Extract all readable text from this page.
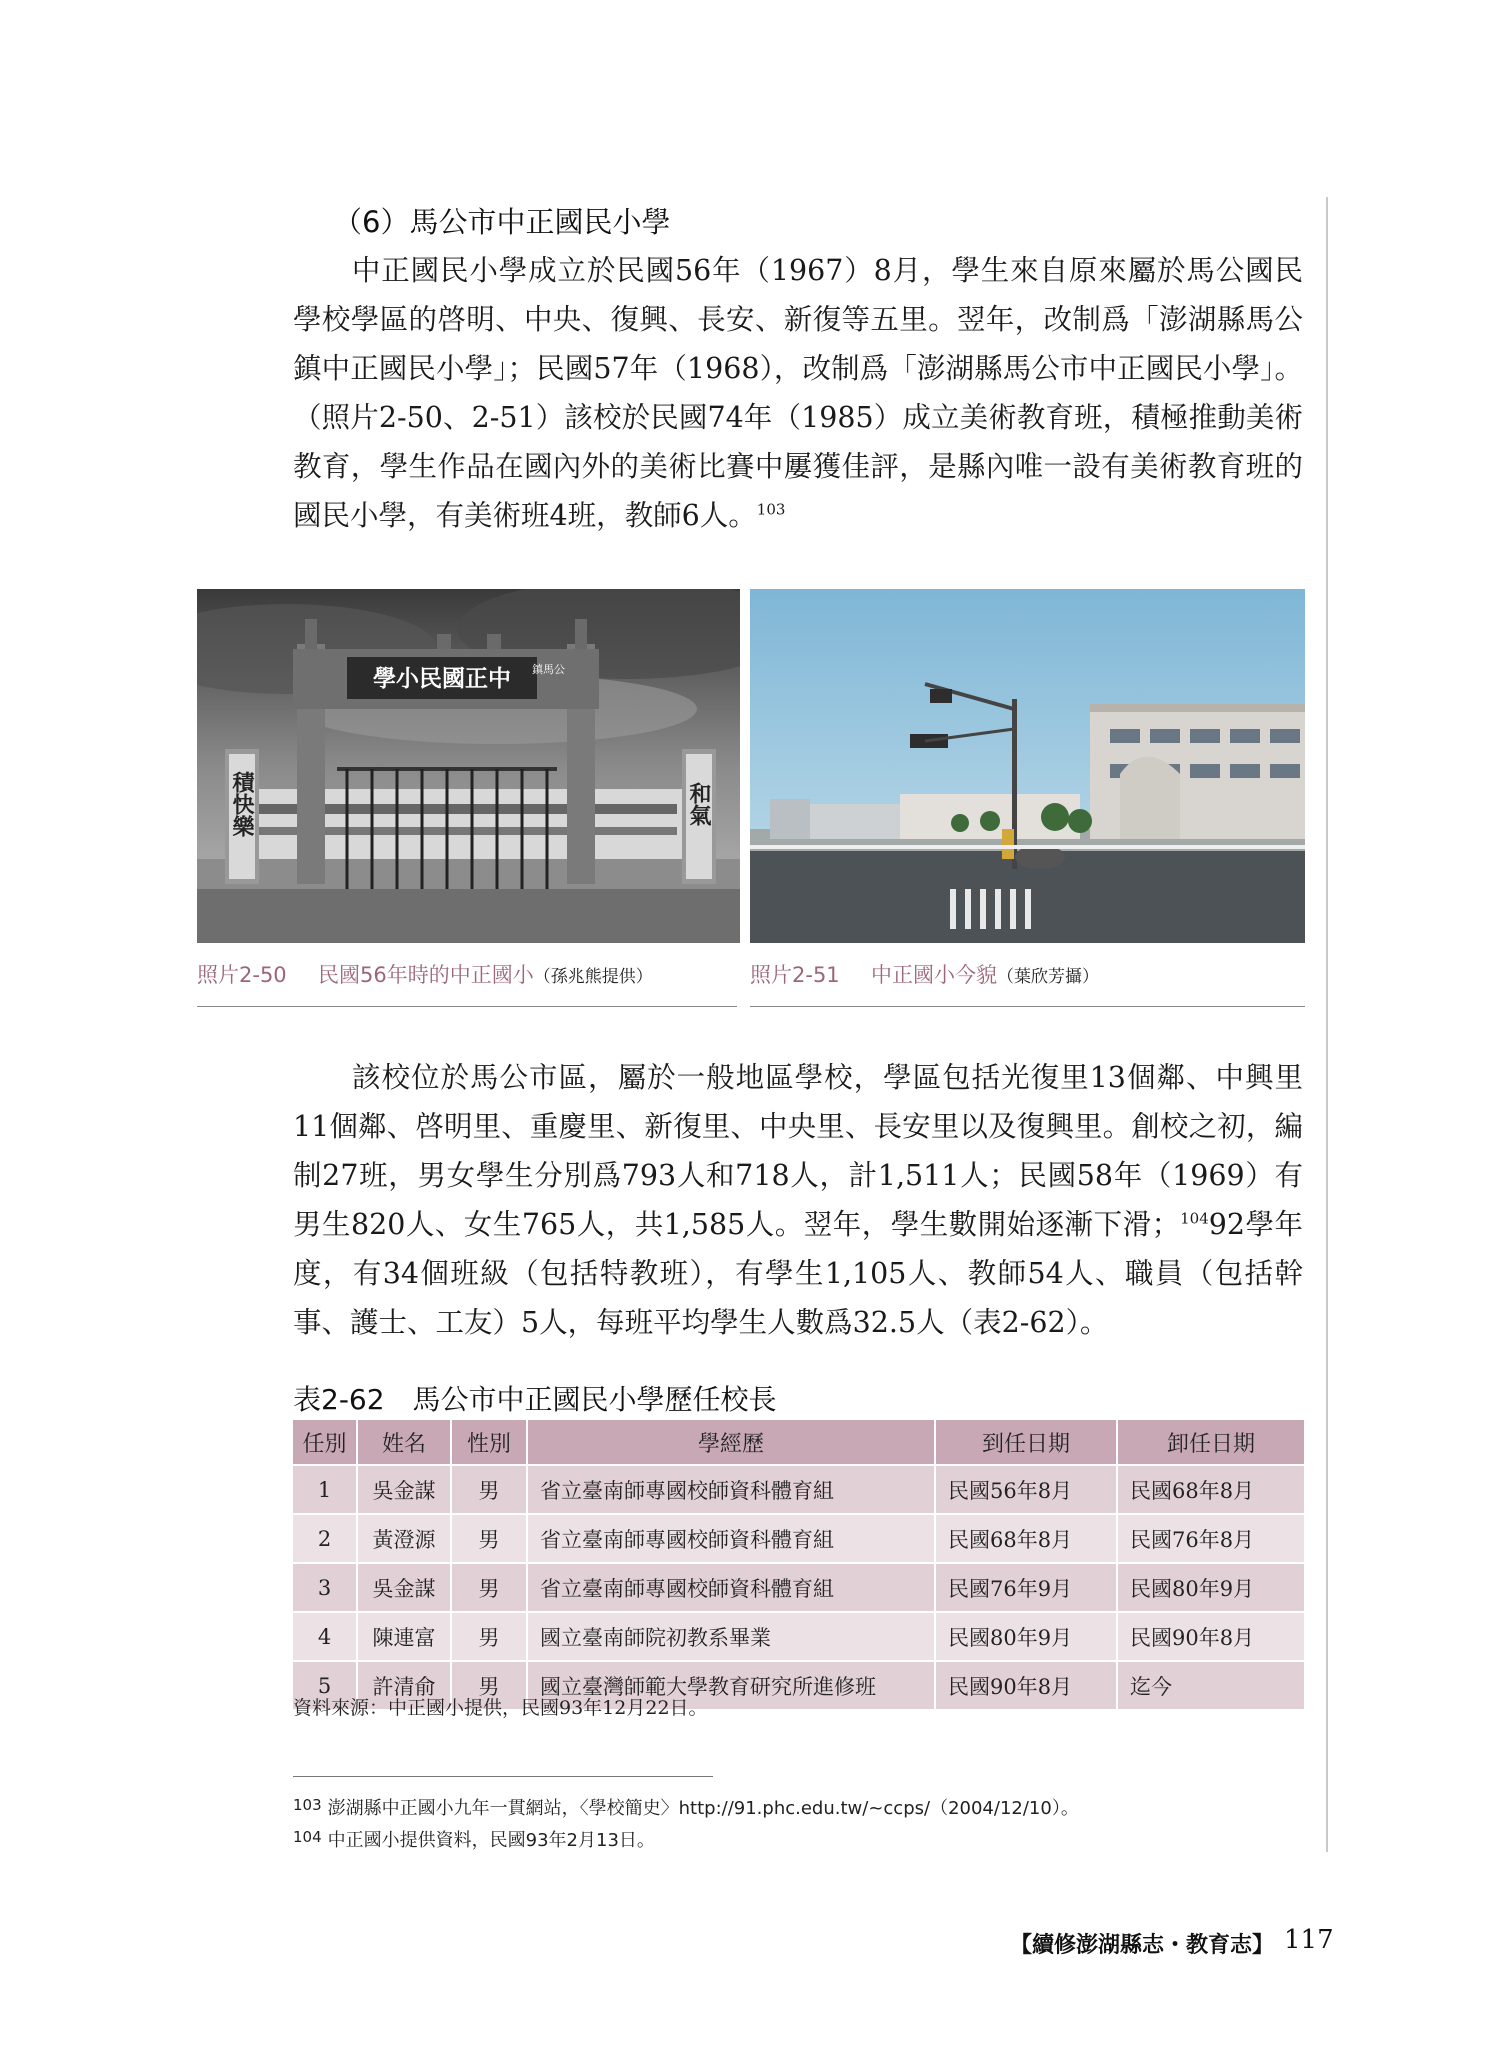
（6）馬公市中正國民小學
中正國民小學成立於民國56年（1967）8月，學生來自原來屬於馬公國民學校學區的啓明、中央、復興、長安、新復等五里。翌年，改制爲「澎湖縣馬公鎮中正國民小學」；民國57年（1968），改制爲「澎湖縣馬公市中正國民小學」。（照片2-50、2-51）該校於民國74年（1985）成立美術教育班，積極推動美術教育，學生作品在國內外的美術比賽中屢獲佳評，是縣內唯一設有美術教育班的國民小學，有美術班4班，教師6人。$^{103}$
學小民國正中 鎮馬公
積快樂	和氣
照片2-50 民國56年時的中正國小（孫兆熊提供）	照片2-51 中正國小今貌（葉欣芳攝）
該校位於馬公市區，屬於一般地區學校，學區包括光復里13個鄰、中興里11個鄰、啓明里、重慶里、新復里、中央里、長安里以及復興里。創校之初，編制27班，男女學生分別爲793人和718人，計1,511人；民國58年（1969）有男生820人、女生765人，共1,585人。翌年，學生數開始逐漸下滑；$^{104}$92學年度，有34個班級（包括特教班），有學生1,105人、教師54人、職員（包括幹事、護士、工友）5人，每班平均學生人數爲32.5人（表2-62）。
表2-62　馬公市中正國民小學歷任校長
任別	姓名	性別	學經歷	到任日期	卸任日期
1	吳金謀	男	省立臺南師專國校師資科體育組	民國56年8月	民國68年8月
2	黃澄源	男	省立臺南師專國校師資科體育組	民國68年8月	民國76年8月
3	吳金謀	男	省立臺南師專國校師資科體育組	民國76年9月	民國80年9月
4	陳連富	男	國立臺南師院初教系畢業	民國80年9月	民國90年8月
5	許清俞	男	國立臺灣師範大學教育研究所進修班	民國90年8月	迄今
資料來源：中正國小提供，民國93年12月22日。
$^{103}$ 澎湖縣中正國小九年一貫網站，〈學校簡史〉http://91.phc.edu.tw/~ccps/（2004/12/10）。
$^{104}$ 中正國小提供資料，民國93年2月13日。
【續修澎湖縣志・教育志】 117
